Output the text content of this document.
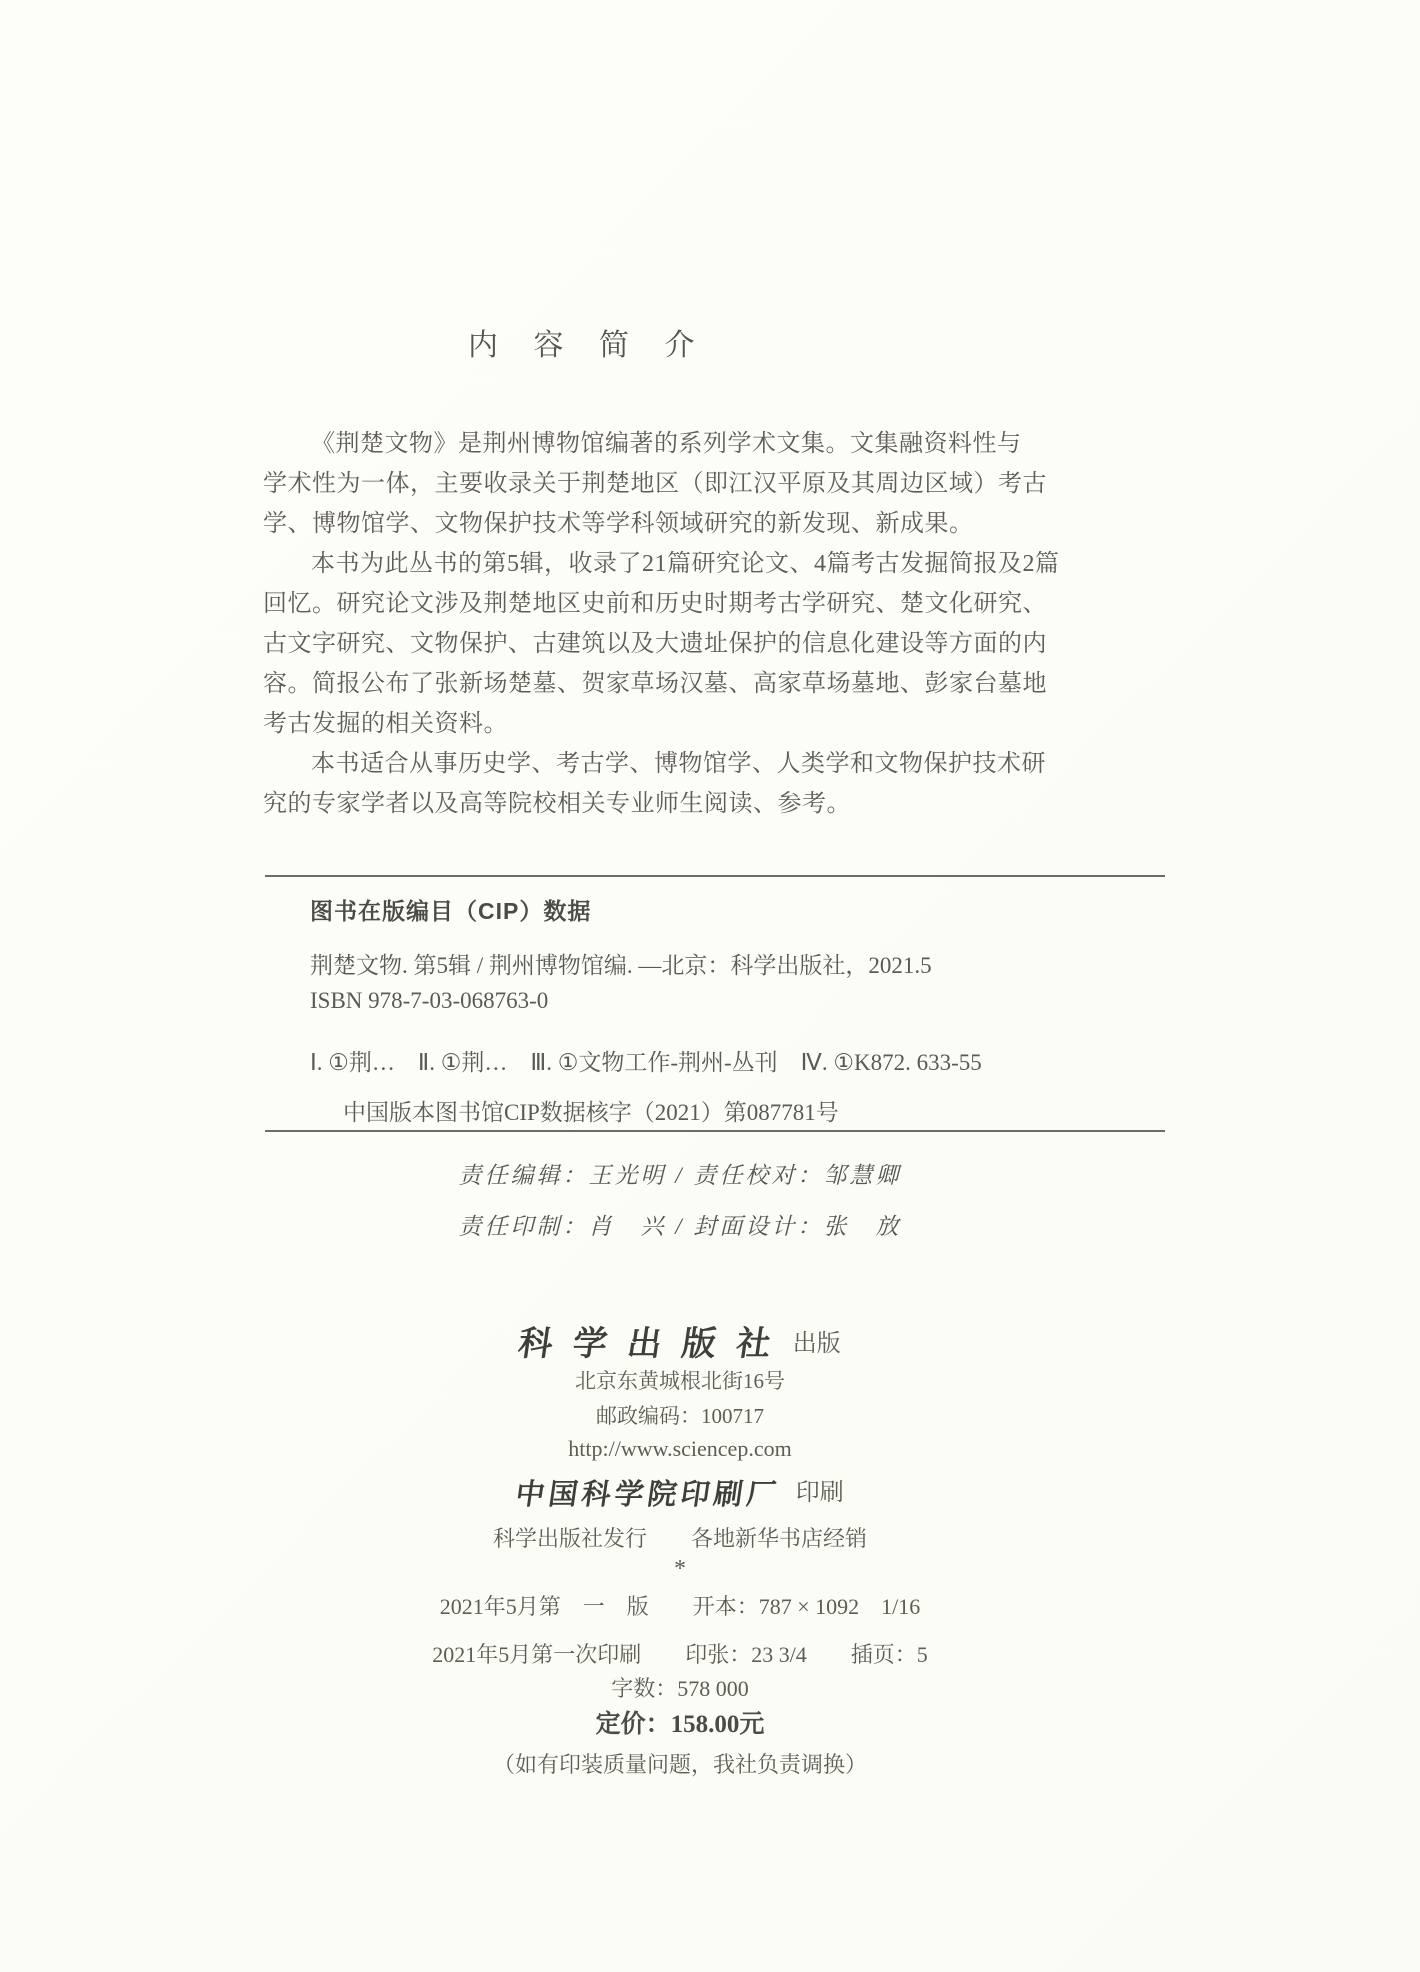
内 容 简 介
《荆楚文物》是荆州博物馆编著的系列学术文集。文集融资料性与
学术性为一体，主要收录关于荆楚地区（即江汉平原及其周边区域）考古
学、博物馆学、文物保护技术等学科领域研究的新发现、新成果。
本书为此丛书的第5辑，收录了21篇研究论文、4篇考古发掘简报及2篇
回忆。研究论文涉及荆楚地区史前和历史时期考古学研究、楚文化研究、
古文字研究、文物保护、古建筑以及大遗址保护的信息化建设等方面的内
容。简报公布了张新场楚墓、贺家草场汉墓、高家草场墓地、彭家台墓地
考古发掘的相关资料。
本书适合从事历史学、考古学、博物馆学、人类学和文物保护技术研
究的专家学者以及高等院校相关专业师生阅读、参考。
图书在版编目（CIP）数据
荆楚文物. 第5辑 / 荆州博物馆编. —北京：科学出版社，2021.5
ISBN 978-7-03-068763-0
Ⅰ. ①荆…　Ⅱ. ①荆…　Ⅲ. ①文物工作-荆州-丛刊　Ⅳ. ①K872. 633-55
中国版本图书馆CIP数据核字（2021）第087781号
责任编辑：王光明 / 责任校对：邹慧卿
责任印制：肖　兴 / 封面设计：张　放
科 学 出 版 社 出版
北京东黄城根北街16号
邮政编码：100717
http://www.sciencep.com
中国科学院印刷厂 印刷
科学出版社发行　　各地新华书店经销
*
2021年5月第　一　版　　开本：787 × 1092　1/16
2021年5月第一次印刷　　印张：23 3/4　　插页：5
字数：578 000
定价：158.00元
（如有印装质量问题，我社负责调换）
